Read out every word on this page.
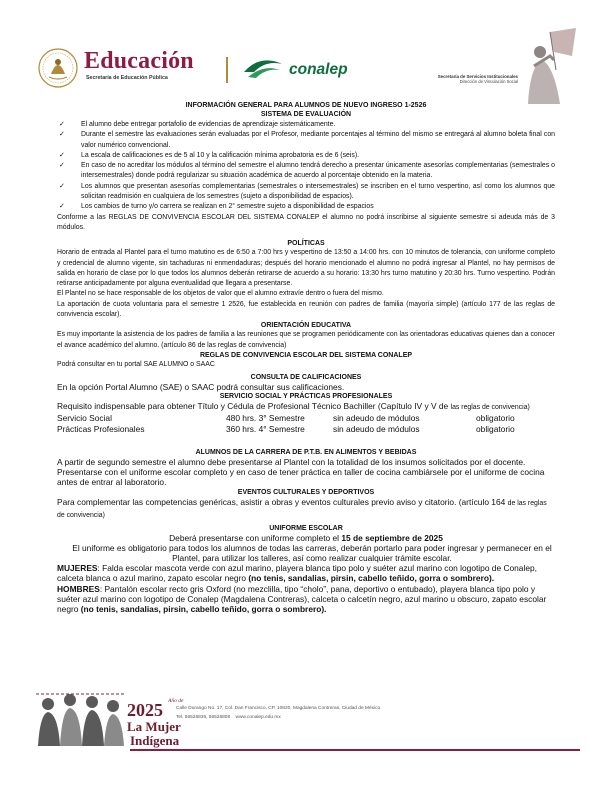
Educación
Secretaría de Educación Pública	conalep	Secretaría de Servicios Institucionales
Dirección de Vinculación Social
INFORMACIÓN GENERAL PARA ALUMNOS DE NUEVO INGRESO 1-2526
SISTEMA DE EVALUACIÓN
✓ El alumno debe entregar portafolio de evidencias de aprendizaje sistemáticamente.
✓ Durante el semestre las evaluaciones serán evaluadas por el Profesor, mediante porcentajes al término del mismo se entregará al alumno boleta final con valor numérico convencional.
✓ La escala de calificaciones es de 5 al 10 y la calificación mínima aprobatoria es de 6 (seis).
✓ En caso de no acreditar los módulos al término del semestre el alumno tendrá derecho a presentar únicamente asesorías complementarias (semestrales o intersemestrales) donde podrá regularizar su situación académica de acuerdo al porcentaje obtenido en la materia.
✓ Los alumnos que presentan asesorías complementarias (semestrales o intersemestrales) se inscriben en el turno vespertino, así como los alumnos que solicitan readmisión en cualquiera de los semestres (sujeto a disponibilidad de espacios).
✓ Los cambios de turno y/o carrera se realizan en 2° semestre sujeto a disponibilidad de espacios
Conforme a las REGLAS DE CONVIVENCIA ESCOLAR DEL SISTEMA CONALEP el alumno no podrá inscribirse al siguiente semestre si adeuda más de 3 módulos.
POLÍTICAS
Horario de entrada al Plantel para el turno matutino es de 6:50 a 7:00 hrs y vespertino de 13:50 a 14:00 hrs. con 10 minutos de tolerancia, con uniforme completo y credencial de alumno vigente, sin tachaduras ni enmendaduras; después del horario mencionado el alumno no podrá ingresar al Plantel, no hay permisos de salida en horario de clase por lo que todos los alumnos deberán retirarse de acuerdo a su horario: 13:30 hrs turno matutino y 20:30 hrs. Turno vespertino. Podrán retirarse anticipadamente por alguna eventualidad que llegara a presentarse.
El Plantel no se hace responsable de los objetos de valor que el alumno extravíe dentro o fuera del mismo.
La aportación de cuota voluntaria para el semestre 1 2526, fue establecida en reunión con padres de familia (mayoría simple) (artículo 177 de las reglas de convivencia escolar).
ORIENTACIÓN EDUCATIVA
Es muy importante la asistencia de los padres de familia a las reuniones que se programen periódicamente con las orientadoras educativas quienes dan a conocer el avance académico del alumno. (artículo 86 de las reglas de convivencia)
REGLAS DE CONVIVENCIA ESCOLAR DEL SISTEMA CONALEP
Podrá consultar en tu portal SAE ALUMNO o SAAC
CONSULTA DE CALIFICACIONES
En la opción Portal Alumno (SAE) o SAAC podrá consultar sus calificaciones.
SERVICIO SOCIAL Y PRÁCTICAS PROFESIONALES
Requisito indispensable para obtener Título y Cédula de Profesional Técnico Bachiller (Capítulo IV y V de las reglas de convivencia)
Servicio Social	480 hrs. 3° Semestre	sin adeudo de módulos	obligatorio
Prácticas Profesionales	360 hrs. 4° Semestre	sin adeudo de módulos	obligatorio
ALUMNOS DE LA CARRERA DE P.T.B. EN ALIMENTOS Y BEBIDAS
A partir de segundo semestre el alumno debe presentarse al Plantel con la totalidad de los insumos solicitados por el docente.
Presentarse con el uniforme escolar completo y en caso de tener práctica en taller de cocina cambiársele por el uniforme de cocina antes de entrar al laboratorio.
EVENTOS CULTURALES Y DEPORTIVOS
Para complementar las competencias genéricas, asistir a obras y eventos culturales previo aviso y citatorio. (artículo 164 de las reglas de convivencia)
UNIFORME ESCOLAR
Deberá presentarse con uniforme completo el 15 de septiembre de 2025
El uniforme es obligatorio para todos los alumnos de todas las carreras, deberán portarlo para poder ingresar y permanecer en el Plantel, para utilizar los talleres, así como realizar cualquier trámite escolar.
MUJERES: Falda escolar mascota verde con azul marino, playera blanca tipo polo y suéter azul marino con logotipo de Conalep, calceta blanca o azul marino, zapato escolar negro (no tenis, sandalias, pirsin, cabello teñido, gorra o sombrero).
HOMBRES: Pantalón escolar recto gris Oxford (no mezclilla, tipo “cholo”, pana, deportivo o entubado), playera blanca tipo polo y suéter azul marino con logotipo de Conalep (Magdalena Contreras), calceta o calcetín negro, azul marino u obscuro, zapato escolar negro (no tenis, sandalias, pirsin, cabello teñido, gorra o sombrero).
2025 Año de
La Mujer
Indígena
Calle Durango No. 17, Col. Dan Francisco, CP. 10820, Magdalena Contreras, Ciudad de México.
Tel. 56526835, 56526808 www.conalep.edu.mx
